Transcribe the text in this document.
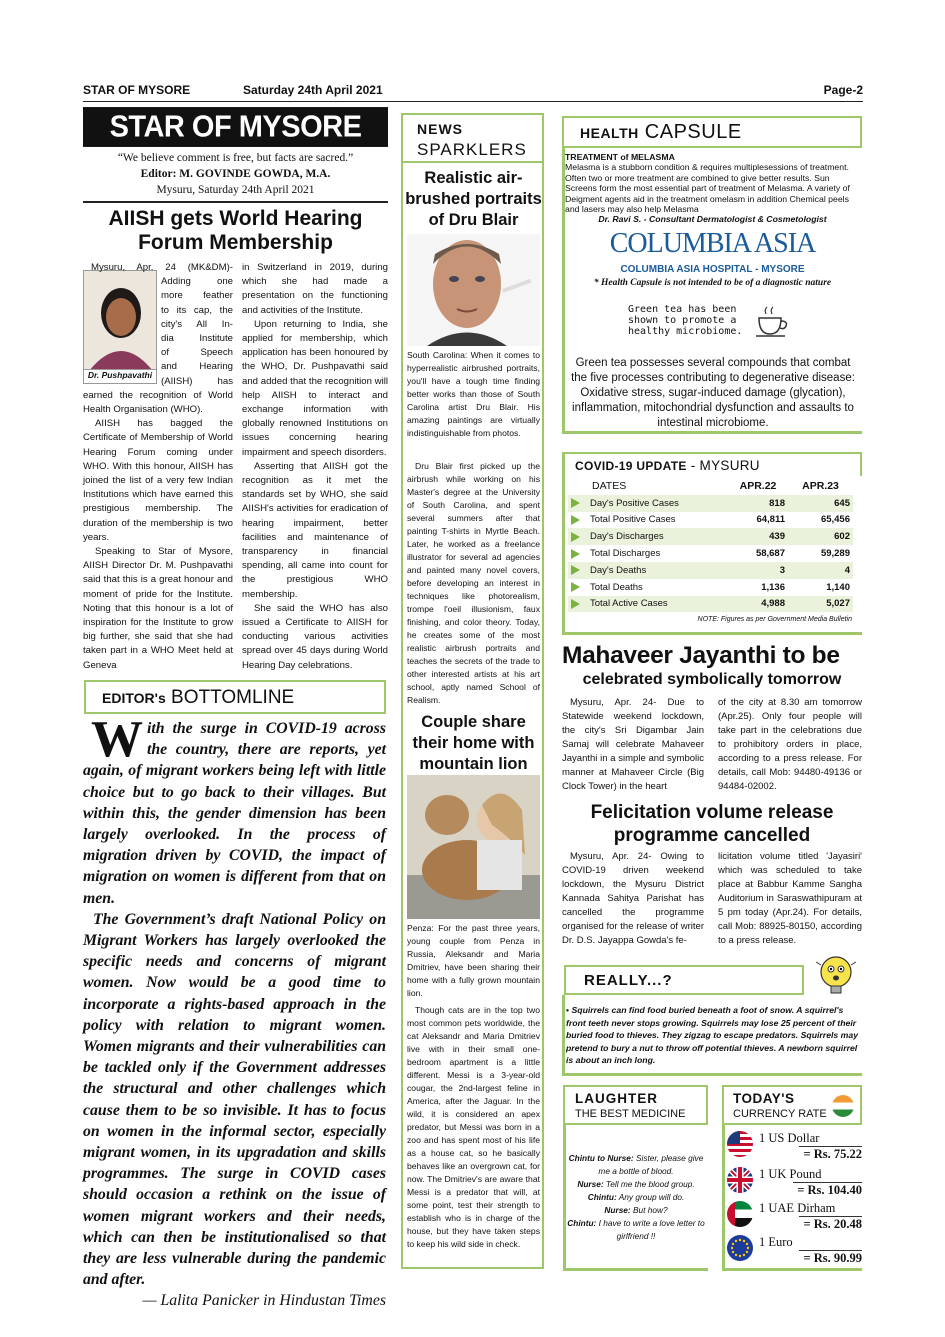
STAR OF MYSORE	Saturday 24th April 2021	Page-2
STAR OF MYSORE
“We believe comment is free, but facts are sacred.”
Editor: M. GOVINDE GOWDA, M.A.
Mysuru, Saturday 24th April 2021
AIISH gets World Hearing
Forum Membership
Dr. Pushpavathi
Mysuru, Apr. 24 (MK&DM)-
Adding one
more feather
to its cap, the
city's All In-
dia Institute
of Speech
and Hearing
(AIISH) has
earned the recognition of World Health Organisation (WHO).

AIISH has bagged the Certificate of Membership of World Hearing Forum coming under WHO. With this honour, AIISH has joined the list of a very few Indian Institutions which have earned this prestigious membership. The duration of the membership is two years.

Speaking to Star of Mysore, AIISH Director Dr. M. Pushpavathi said that this is a great honour and moment of pride for the Institute. Noting that this honour is a lot of inspiration for the Institute to grow big further, she said that she had taken part in a WHO Meet held at Geneva

in Switzerland in 2019, during which she had made a presentation on the functioning and activities of the Institute.

Upon returning to India, she applied for membership, which application has been honoured by the WHO, Dr. Pushpavathi said and added that the recognition will help AIISH to interact and exchange information with globally renowned Institutions on issues concerning hearing impairment and speech disorders.

Asserting that AIISH got the recognition as it met the standards set by WHO, she said AIISH's activities for eradication of hearing impairment, better facilities and maintenance of transparency in financial spending, all came into count for the prestigious WHO membership.

She said the WHO has also issued a Certificate to AIISH for conducting various activities spread over 45 days during World Hearing Day celebrations.

EDITOR's BOTTOMLINE
With the surge in COVID-19 across the country, there are reports, yet again, of migrant workers being left with little choice but to go back to their villages. But within this, the gender dimension has been largely overlooked. In the process of migration driven by COVID, the impact of migration on women is different from that on men.
The Government’s draft National Policy on Migrant Workers has largely overlooked the specific needs and concerns of migrant women. Now would be a good time to incorporate a rights-based approach in the policy with relation to migrant women. Women migrants and their vulnerabilities can be tackled only if the Government addresses the structural and other challenges which cause them to be so invisible. It has to focus on women in the informal sector, especially migrant women, in its upgradation and skills programmes. The surge in COVID cases should occasion a rethink on the issue of women migrant workers and their needs, which can then be institutionalised so that they are less vulnerable during the pandemic and after.
— Lalita Panicker in Hindustan Times
NEWS
SPARKLERS
Realistic air-brushed portraits of Dru Blair
South Carolina: When it comes to hyperrealistic airbrushed portraits, you'll have a tough time finding better works than those of South Carolina artist Dru Blair. His amazing paintings are virtually indistinguishable from photos.
Dru Blair first picked up the airbrush while working on his Master's degree at the University of South Carolina, and spent several summers after that painting T-shirts in Myrtle Beach. Later, he worked as a freelance illustrator for several ad agencies and painted many novel covers, before developing an interest in techniques like photorealism, trompe l'oeil illusionism, faux finishing, and color theory. Today, he creates some of the most realistic airbrush portraits and teaches the secrets of the trade to other interested artists at his art school, aptly named School of Realism.
Couple share their home with mountain lion
Penza: For the past three years, young couple from Penza in Russia, Aleksandr and Maria Dmitriev, have been sharing their home with a fully grown mountain lion.
Though cats are in the top two most common pets worldwide, the cat Aleksandr and Maria Dmitriev live with in their small one-bedroom apartment is a little different. Messi is a 3-year-old cougar, the 2nd-largest feline in America, after the Jaguar. In the wild, it is considered an apex predator, but Messi was born in a zoo and has spent most of his life as a house cat, so he basically behaves like an overgrown cat, for now. The Dmitriev's are aware that Messi is a predator that will, at some point, test their strength to establish who is in charge of the house, but they have taken steps to keep his wild side in check.
HEALTH CAPSULE
TREATMENT of MELASMA
Melasma is a stubborn condition & requires multiplesessions of treatment. Often two or more treatment are combined to give better results. Sun Screens form the most essential part of treatment of Melasma. A variety of Deigment agents aid in the treatment omelasm in addition Chemical peels and lasers may also help Melasma
Dr. Ravi S. - Consultant Dermatologist & Cosmetologist
COLUMBIA ASIA
COLUMBIA ASIA HOSPITAL - MYSORE
* Health Capsule is not intended to be of a diagnostic nature
Green tea has been shown to promote a healthy microbiome.
Green tea possesses several compounds that combat the five processes contributing to degenerative disease: Oxidative stress, sugar-induced damage (glycation), inflammation, mitochondrial dysfunction and assaults to intestinal microbiome.
COVID-19 UPDATE - MYSURU
DATES	APR.22	APR.23
Day's Positive Cases	818	645
Total Positive Cases	64,811	65,456
Day's Discharges	439	602
Total Discharges	58,687	59,289
Day's Deaths	3	4
Total Deaths	1,136	1,140
Total Active Cases	4,988	5,027
NOTE: Figures as per Government Media Bulletin
Mahaveer Jayanthi to be
celebrated symbolically tomorrow
Mysuru, Apr. 24- Due to Statewide weekend lockdown, the city's Sri Digambar Jain Samaj will celebrate Mahaveer Jayanthi in a simple and symbolic manner at Mahaveer Circle (Big Clock Tower) in the heart
of the city at 8.30 am tomorrow (Apr.25). Only four people will take part in the celebrations due to prohibitory orders in place, according to a press release. For details, call Mob: 94480-49136 or 94484-02002.
Felicitation volume release
programme cancelled
Mysuru, Apr. 24- Owing to COVID-19 driven weekend lockdown, the Mysuru District Kannada Sahitya Parishat has cancelled the programme organised for the release of writer Dr. D.S. Jayappa Gowda's fe-
licitation volume titled 'Jayasiri' which was scheduled to take place at Babbur Kamme Sangha Auditorium in Saraswathipuram at 5 pm today (Apr.24). For details, call Mob: 88925-80150, according to a press release.
REALLY...?
• Squirrels can find food buried beneath a foot of snow. A squirrel's front teeth never stops growing. Squirrels may lose 25 percent of their buried food to thieves. They zigzag to escape predators. Squirrels may pretend to bury a nut to throw off potential thieves. A newborn squirrel is about an inch long.
LAUGHTER
THE BEST MEDICINE
Chintu to Nurse: Sister, please give me a bottle of blood.
Nurse: Tell me the blood group.
Chintu: Any group will do.
Nurse: But how?
Chintu: I have to write a love letter to girlfriend !!
TODAY'S
CURRENCY RATE
1 US Dollar
= Rs. 75.22
1 UK Pound
= Rs. 104.40
1 UAE Dirham
= Rs. 20.48
1 Euro
= Rs. 90.99
